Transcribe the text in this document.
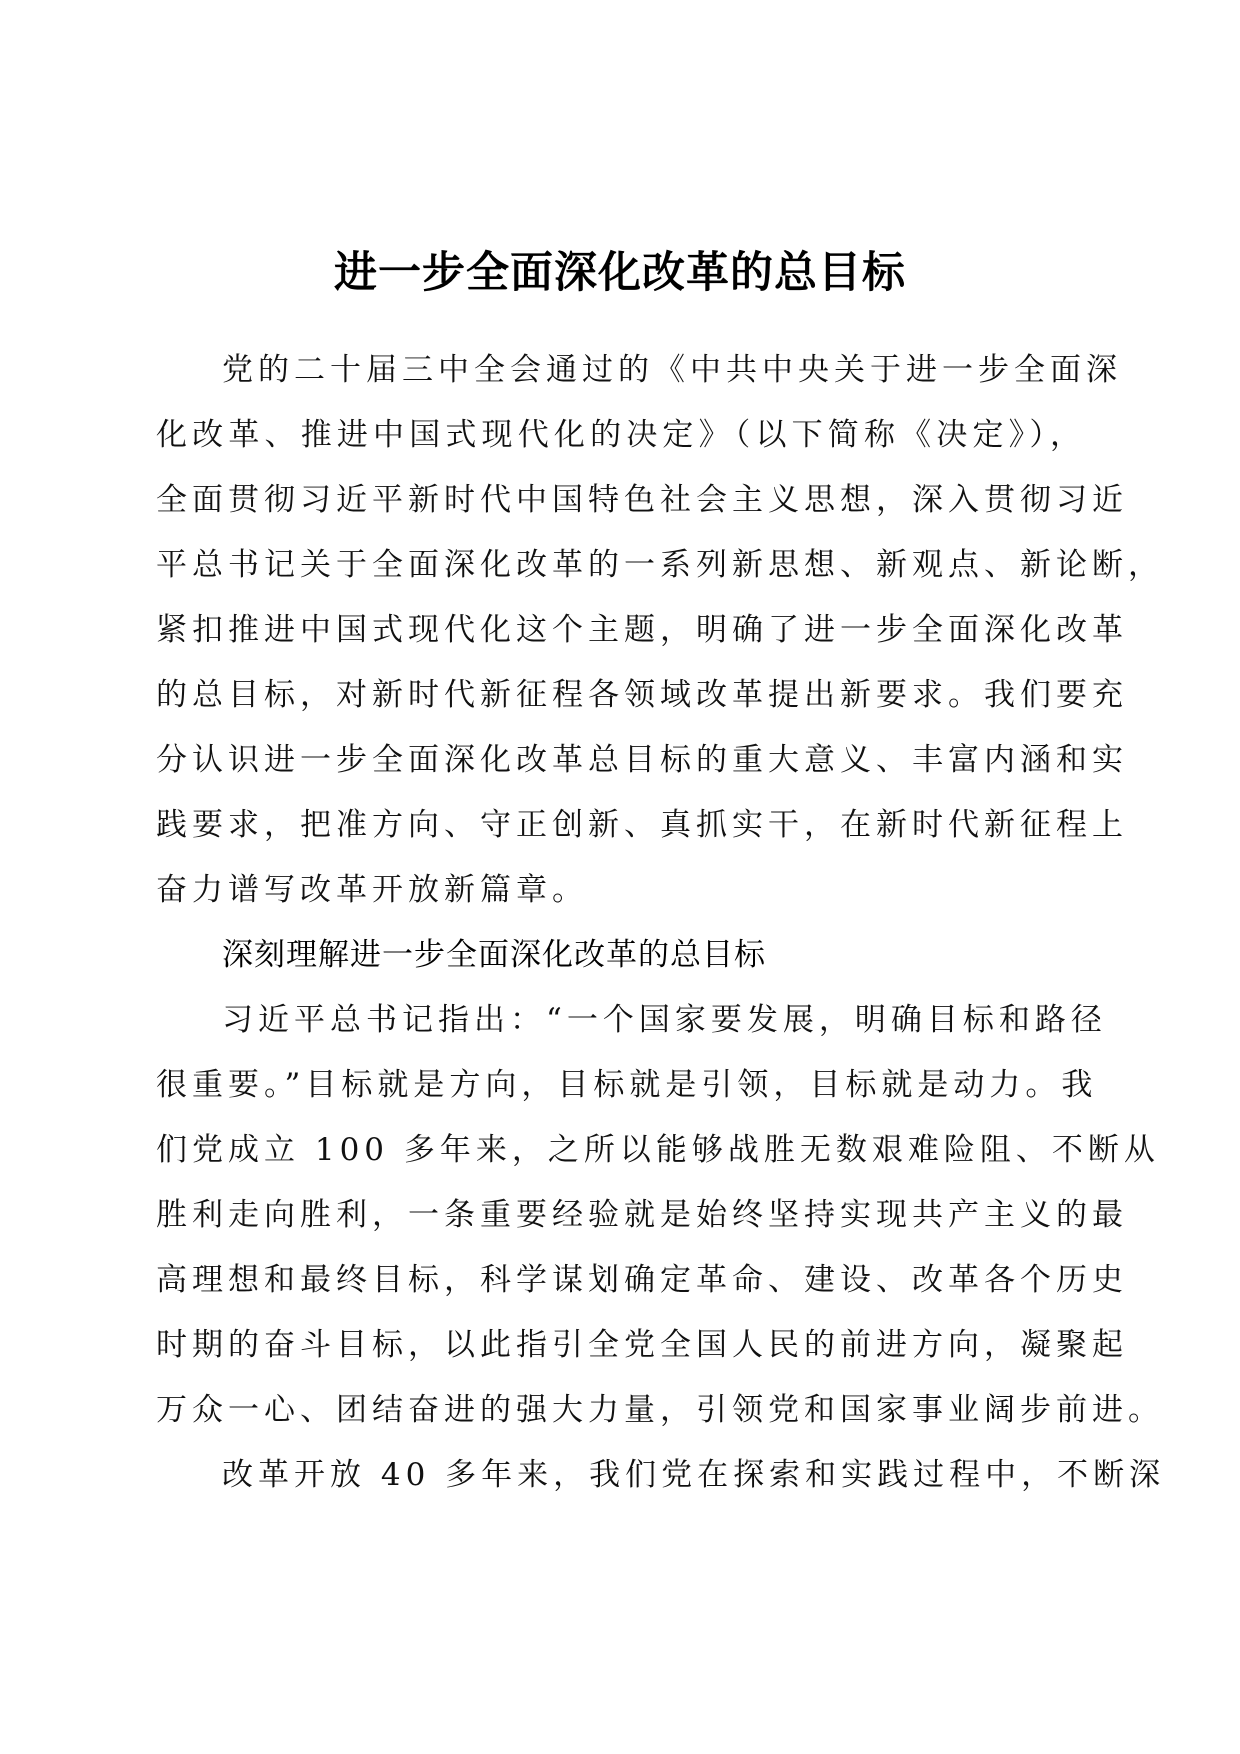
进一步全面深化改革的总目标
党的二十届三中全会通过的《中共中央关于进一步全面深
化改革、推进中国式现代化的决定》（以下简称《决定》），
全面贯彻习近平新时代中国特色社会主义思想，深入贯彻习近
平总书记关于全面深化改革的一系列新思想、新观点、新论断，
紧扣推进中国式现代化这个主题，明确了进一步全面深化改革
的总目标，对新时代新征程各领域改革提出新要求。我们要充
分认识进一步全面深化改革总目标的重大意义、丰富内涵和实
践要求，把准方向、守正创新、真抓实干，在新时代新征程上
奋力谱写改革开放新篇章。
深刻理解进一步全面深化改革的总目标
习近平总书记指出：“一个国家要发展，明确目标和路径
很重要。”目标就是方向，目标就是引领，目标就是动力。我
们党成立 100 多年来，之所以能够战胜无数艰难险阻、不断从
胜利走向胜利，一条重要经验就是始终坚持实现共产主义的最
高理想和最终目标，科学谋划确定革命、建设、改革各个历史
时期的奋斗目标，以此指引全党全国人民的前进方向，凝聚起
万众一心、团结奋进的强大力量，引领党和国家事业阔步前进。
改革开放 40 多年来，我们党在探索和实践过程中，不断深
